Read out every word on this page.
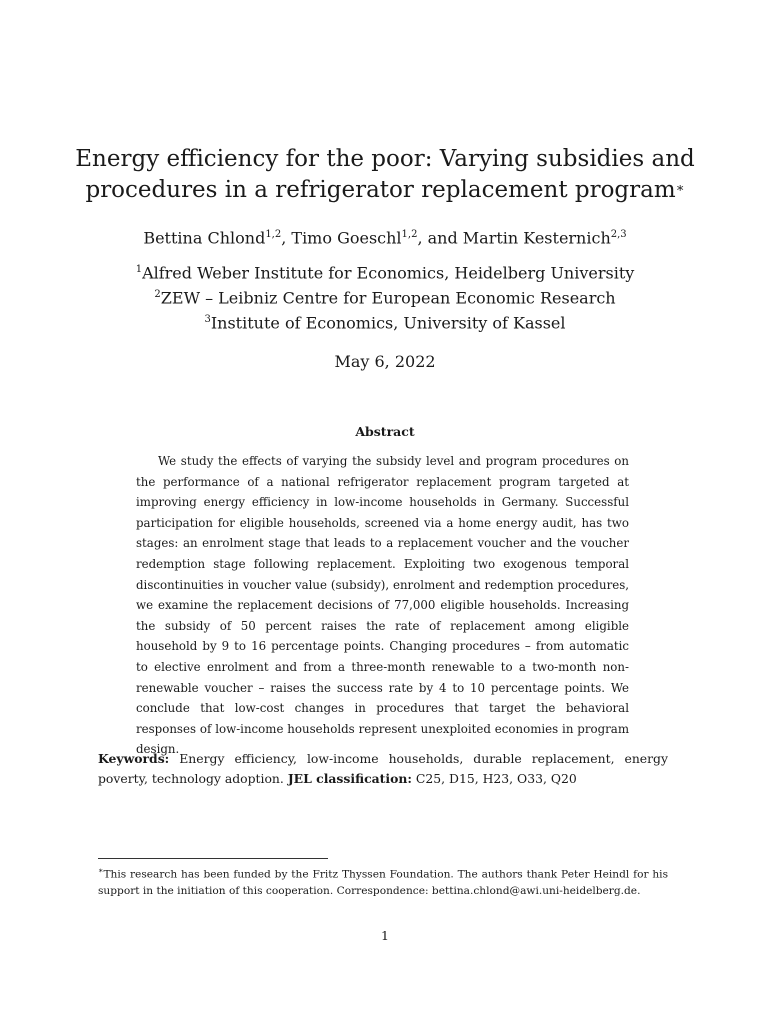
Energy efficiency for the poor: Varying subsidies and
procedures in a refrigerator replacement program∗
Bettina Chlond$^{1,2}$, Timo Goeschl$^{1,2}$, and Martin Kesternich$^{2,3}$
$^1$Alfred Weber Institute for Economics, Heidelberg University
$^2$ZEW – Leibniz Centre for European Economic Research
$^3$Institute of Economics, University of Kassel
May 6, 2022
Abstract

We study the effects of varying the subsidy level and program procedures on the performance of a national refrigerator replacement program targeted at improving energy efficiency in low-income households in Germany. Successful participation for eligible households, screened via a home energy audit, has two stages: an enrolment stage that leads to a replacement voucher and the voucher redemption stage following replacement. Exploiting two exogenous temporal discontinuities in voucher value (subsidy), enrolment and redemption procedures, we examine the replacement decisions of 77,000 eligible households. Increasing the subsidy of 50 percent raises the rate of replacement among eligible household by 9 to 16 percentage points. Changing procedures – from automatic to elective enrolment and from a three-month renewable to a two-month non-renewable voucher – raises the success rate by 4 to 10 percentage points. We conclude that low-cost changes in procedures that target the behavioral responses of low-income households represent unexploited economies in program design.

Keywords: Energy efficiency, low-income households, durable replacement, energy poverty, technology adoption. JEL classification: C25, D15, H23, O33, Q20

∗This research has been funded by the Fritz Thyssen Foundation. The authors thank Peter Heindl for his support in the initiation of this cooperation. Correspondence: bettina.chlond@awi.uni-heidelberg.de.

1
